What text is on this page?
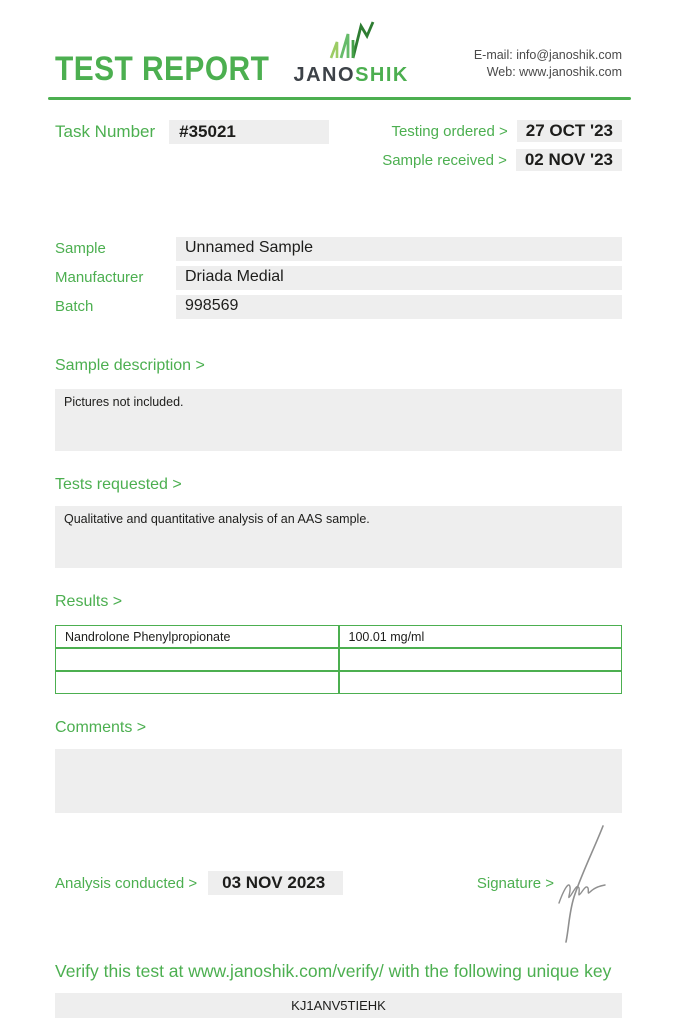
TEST REPORT JANOSHIK
E-mail: info@janoshik.com
Web: www.janoshik.com
Task Number	#35021	Testing ordered >	27 OCT '23
Sample received >	02 NOV '23
Sample	Unnamed Sample
Manufacturer	Driada Medial
Batch	998569
Sample description >
Pictures not included.
Tests requested >
Qualitative and quantitative analysis of an AAS sample.
Results >
Nandrolone Phenylpropionate	100.01 mg/ml

Comments >
Analysis conducted >	03 NOV 2023	Signature >
Verify this test at www.janoshik.com/verify/ with the following unique key
KJ1ANV5TIEHK
